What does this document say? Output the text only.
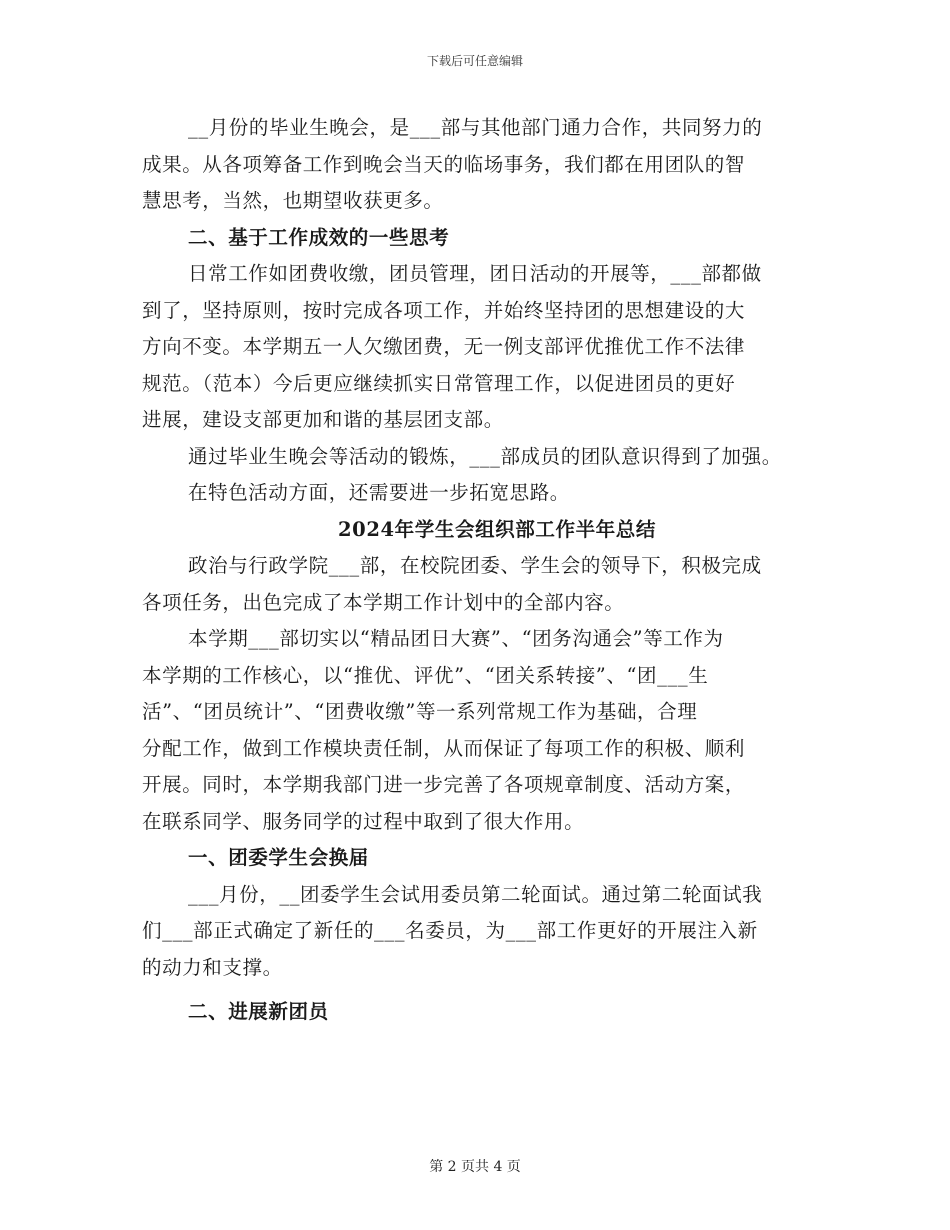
下载后可任意编辑
__月份的毕业生晚会，是___部与其他部门通力合作，共同努力的
成果。从各项筹备工作到晚会当天的临场事务，我们都在用团队的智
慧思考，当然，也期望收获更多。
二、基于工作成效的一些思考
日常工作如团费收缴，团员管理，团日活动的开展等，___部都做
到了，坚持原则，按时完成各项工作，并始终坚持团的思想建设的大
方向不变。本学期五一人欠缴团费，无一例支部评优推优工作不法律
规范。（范本）今后更应继续抓实日常管理工作，以促进团员的更好
进展，建设支部更加和谐的基层团支部。
通过毕业生晚会等活动的锻炼，___部成员的团队意识得到了加强。
在特色活动方面，还需要进一步拓宽思路。
2024年学生会组织部工作半年总结
政治与行政学院___部，在校院团委、学生会的领导下，积极完成
各项任务，出色完成了本学期工作计划中的全部内容。
本学期___部切实以“精品团日大赛”、“团务沟通会”等工作为
本学期的工作核心，以“推优、评优”、“团关系转接”、“团___生
活”、“团员统计”、“团费收缴”等一系列常规工作为基础，合理
分配工作，做到工作模块责任制，从而保证了每项工作的积极、顺利
开展。同时，本学期我部门进一步完善了各项规章制度、活动方案，
在联系同学、服务同学的过程中取到了很大作用。
一、团委学生会换届
___月份，__团委学生会试用委员第二轮面试。通过第二轮面试我
们___部正式确定了新任的___名委员，为___部工作更好的开展注入新
的动力和支撑。
二、进展新团员
第 2 页共 4 页
